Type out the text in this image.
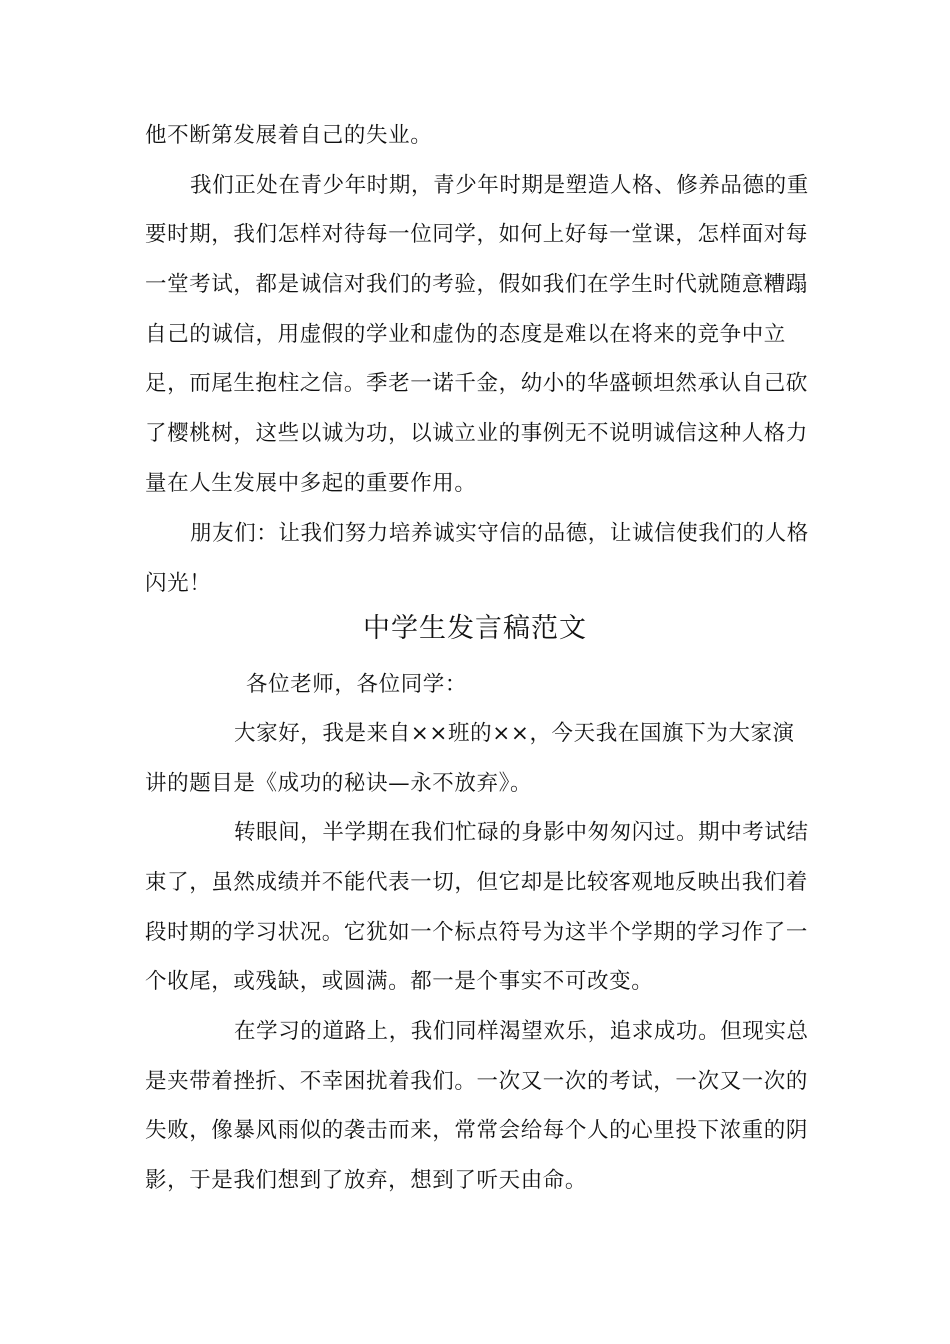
他不断第发展着自己的失业。
我们正处在青少年时期，青少年时期是塑造人格、修养品德的重
要时期，我们怎样对待每一位同学，如何上好每一堂课，怎样面对每
一堂考试，都是诚信对我们的考验，假如我们在学生时代就随意糟蹋
自己的诚信，用虚假的学业和虚伪的态度是难以在将来的竞争中立
足，而尾生抱柱之信。季老一诺千金，幼小的华盛顿坦然承认自己砍
了樱桃树，这些以诚为功，以诚立业的事例无不说明诚信这种人格力
量在人生发展中多起的重要作用。
朋友们：让我们努力培养诚实守信的品德，让诚信使我们的人格
闪光！
中学生发言稿范文
各位老师，各位同学：
大家好，我是来自××班的××，今天我在国旗下为大家演
讲的题目是《成功的秘诀—永不放弃》。
转眼间，半学期在我们忙碌的身影中匆匆闪过。期中考试结
束了，虽然成绩并不能代表一切，但它却是比较客观地反映出我们着
段时期的学习状况。它犹如一个标点符号为这半个学期的学习作了一
个收尾，或残缺，或圆满。都一是个事实不可改变。
在学习的道路上，我们同样渴望欢乐，追求成功。但现实总
是夹带着挫折、不幸困扰着我们。一次又一次的考试，一次又一次的
失败，像暴风雨似的袭击而来，常常会给每个人的心里投下浓重的阴
影，于是我们想到了放弃，想到了听天由命。
